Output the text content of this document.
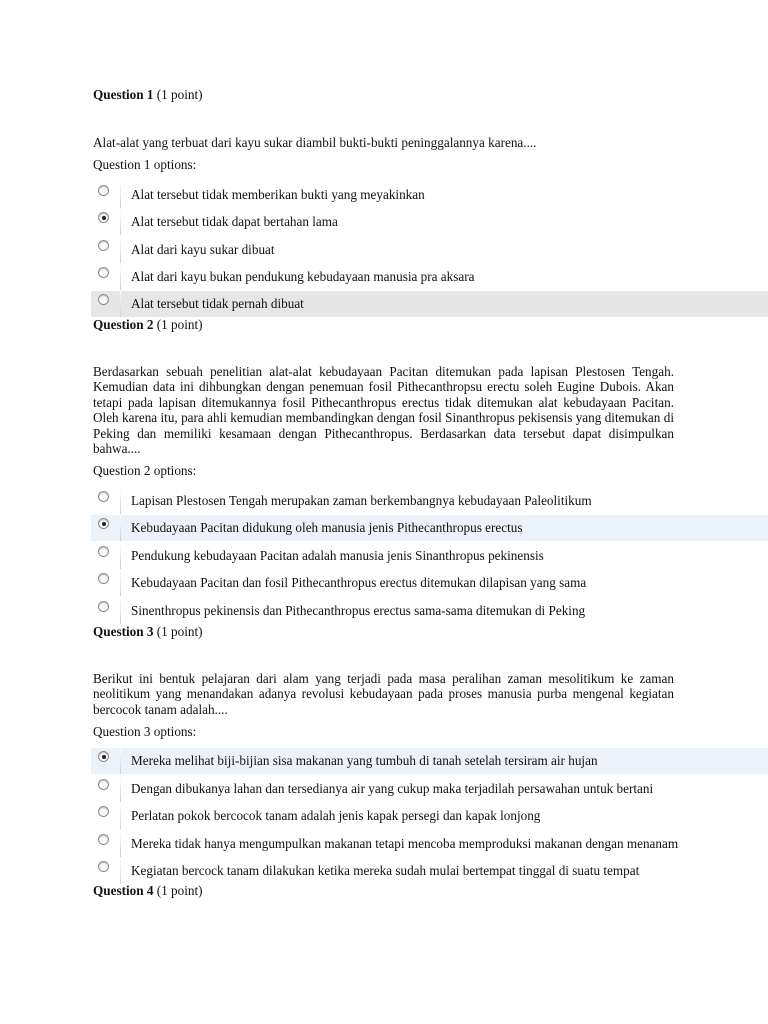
Question 1 (1 point)
Alat-alat yang terbuat dari kayu sukar diambil bukti-bukti peninggalannya karena....
Question 1 options:
Alat tersebut tidak memberikan bukti yang meyakinkan
Alat tersebut tidak dapat bertahan lama
Alat dari kayu sukar dibuat
Alat dari kayu bukan pendukung kebudayaan manusia pra aksara
Alat tersebut tidak pernah dibuat
Question 2 (1 point)
Berdasarkan sebuah penelitian alat-alat kebudayaan Pacitan ditemukan pada lapisan Plestosen Tengah. Kemudian data ini dihbungkan dengan penemuan fosil Pithecanthropsu erectu soleh Eugine Dubois. Akan tetapi pada lapisan ditemukannya fosil Pithecanthropus erectus tidak ditemukan alat kebudayaan Pacitan. Oleh karena itu, para ahli kemudian membandingkan dengan fosil Sinanthropus pekisensis yang ditemukan di Peking dan memiliki kesamaan dengan Pithecanthropus. Berdasarkan data tersebut dapat disimpulkan bahwa....
Question 2 options:
Lapisan Plestosen Tengah merupakan zaman berkembangnya kebudayaan Paleolitikum
Kebudayaan Pacitan didukung oleh manusia jenis Pithecanthropus erectus
Pendukung kebudayaan Pacitan adalah manusia jenis Sinanthropus pekinensis
Kebudayaan Pacitan dan fosil Pithecanthropus erectus ditemukan dilapisan yang sama
Sinenthropus pekinensis dan Pithecanthropus erectus sama-sama ditemukan di Peking
Question 3 (1 point)
Berikut ini bentuk pelajaran dari alam yang terjadi pada masa peralihan zaman mesolitikum ke zaman neolitikum yang menandakan adanya revolusi kebudayaan pada proses manusia purba mengenal kegiatan bercocok tanam adalah....
Question 3 options:
Mereka melihat biji-bijian sisa makanan yang tumbuh di tanah setelah tersiram air hujan
Dengan dibukanya lahan dan tersedianya air yang cukup maka terjadilah persawahan untuk bertani
Perlatan pokok bercocok tanam adalah jenis kapak persegi dan kapak lonjong
Mereka tidak hanya mengumpulkan makanan tetapi mencoba memproduksi makanan dengan menanam
Kegiatan bercock tanam dilakukan ketika mereka sudah mulai bertempat tinggal di suatu tempat
Question 4 (1 point)
